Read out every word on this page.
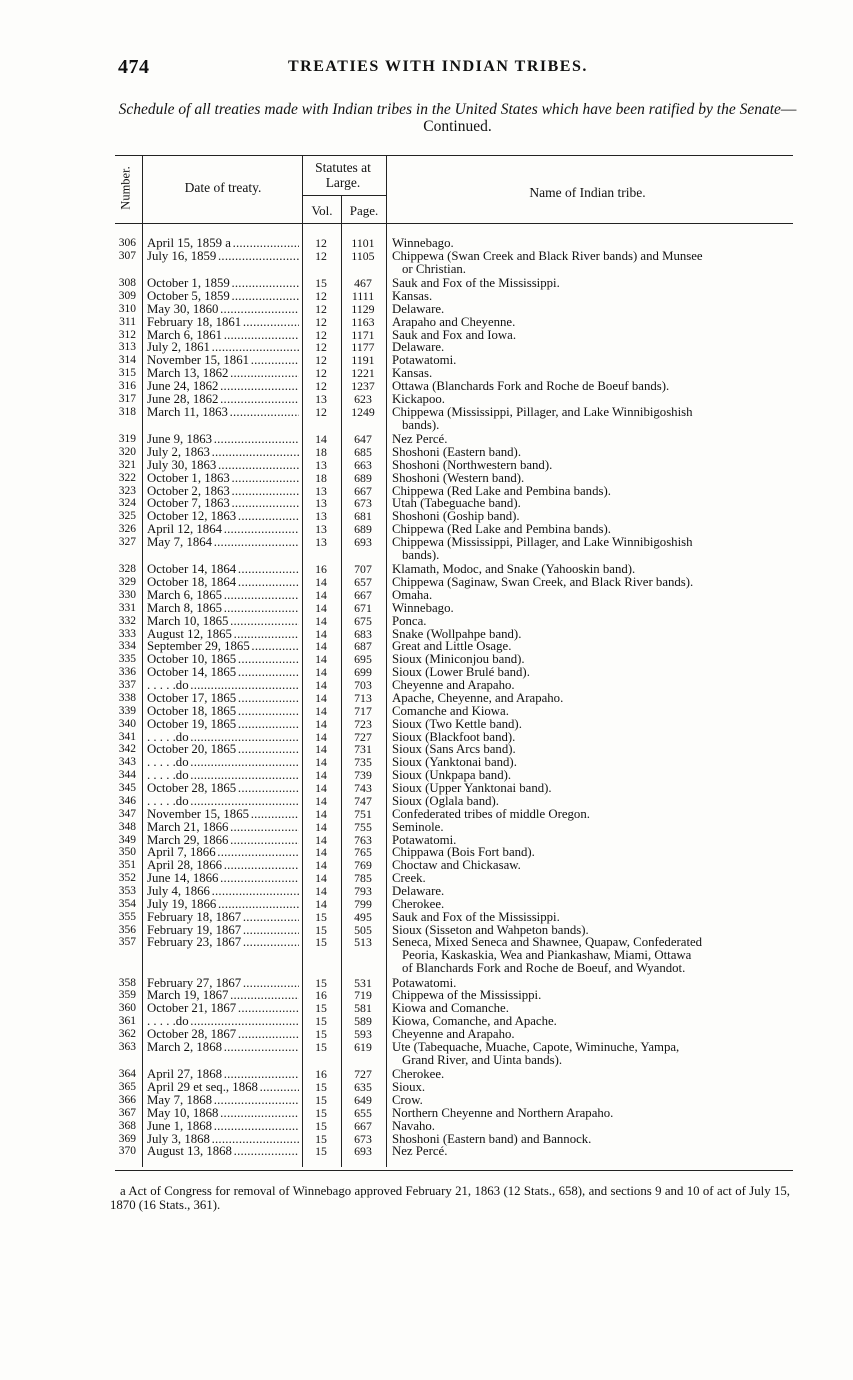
474	TREATIES WITH INDIAN TRIBES.
Schedule of all treaties made with Indian tribes in the United States which have been ratified by the Senate—Continued.
Number.	Date of treaty.
Statutes at Large.
Vol.	Page.
Name of Indian tribe.
306 April 15, 1859 a . . .	12	1101	Winnebago.
307 July 16, 1859 . . .	12	1105	Chippewa (Swan Creek and Black River bands) and Munsee
or Christian.
308 October 1, 1859 . . .	15	467	Sauk and Fox of the Mississippi.
309 October 5, 1859 . . .	12	1111	Kansas.
310 May 30, 1860 . . .	12	1129	Delaware.
311 February 18, 1861 . . .	12	1163	Arapaho and Cheyenne.
312 March 6, 1861 . . .	12	1171	Sauk and Fox and Iowa.
313 July 2, 1861 . . .	12	1177	Delaware.
314 November 15, 1861 . . .	12	1191	Potawatomi.
315 March 13, 1862 . . .	12	1221	Kansas.
316 June 24, 1862 . . .	12	1237	Ottawa (Blanchards Fork and Roche de Boeuf bands).
317 June 28, 1862 . . .	13	623	Kickapoo.
318 March 11, 1863 . . .	12	1249	Chippewa (Mississippi, Pillager, and Lake Winnibigoshish
bands).
319 June 9, 1863 . . .	14	647	Nez Percé.
320 July 2, 1863 . . .	18	685	Shoshoni (Eastern band).
321 July 30, 1863 . . .	13	663	Shoshoni (Northwestern band).
322 October 1, 1863 . . .	18	689	Shoshoni (Western band).
323 October 2, 1863 . . .	13	667	Chippewa (Red Lake and Pembina bands).
324 October 7, 1863 . . .	13	673	Utah (Tabeguache band).
325 October 12, 1863 . . .	13	681	Shoshoni (Goship band).
326 April 12, 1864 . . .	13	689	Chippewa (Red Lake and Pembina bands).
327 May 7, 1864 . . .	13	693	Chippewa (Mississippi, Pillager, and Lake Winnibigoshish
bands).
328 October 14, 1864 . . .	16	707	Klamath, Modoc, and Snake (Yahooskin band).
329 October 18, 1864 . . .	14	657	Chippewa (Saginaw, Swan Creek, and Black River bands).
330 March 6, 1865 . . .	14	667	Omaha.
331 March 8, 1865 . . .	14	671	Winnebago.
332 March 10, 1865 . . .	14	675	Ponca.
333 August 12, 1865 . . .	14	683	Snake (Wollpahpe band).
334 September 29, 1865 . . .	14	687	Great and Little Osage.
335 October 10, 1865 . . .	14	695	Sioux (Miniconjou band).
336 October 14, 1865 . . .	14	699	Sioux (Lower Brulé band).
337 . . . . .do . . .	14	703	Cheyenne and Arapaho.
338 October 17, 1865 . . .	14	713	Apache, Cheyenne, and Arapaho.
339 October 18, 1865 . . .	14	717	Comanche and Kiowa.
340 October 19, 1865 . . .	14	723	Sioux (Two Kettle band).
341 . . . . .do . . .	14	727	Sioux (Blackfoot band).
342 October 20, 1865 . . .	14	731	Sioux (Sans Arcs band).
343 . . . . .do . . .	14	735	Sioux (Yanktonai band).
344 . . . . .do . . .	14	739	Sioux (Unkpapa band).
345 October 28, 1865 . . .	14	743	Sioux (Upper Yanktonai band).
346 . . . . .do . . .	14	747	Sioux (Oglala band).
347 November 15, 1865 . . .	14	751	Confederated tribes of middle Oregon.
348 March 21, 1866 . . .	14	755	Seminole.
349 March 29, 1866 . . .	14	763	Potawatomi.
350 April 7, 1866 . . .	14	765	Chippawa (Bois Fort band).
351 April 28, 1866 . . .	14	769	Choctaw and Chickasaw.
352 June 14, 1866 . . .	14	785	Creek.
353 July 4, 1866 . . .	14	793	Delaware.
354 July 19, 1866 . . .	14	799	Cherokee.
355 February 18, 1867 . . .	15	495	Sauk and Fox of the Mississippi.
356 February 19, 1867 . . .	15	505	Sioux (Sisseton and Wahpeton bands).
357 February 23, 1867 . . .	15	513	Seneca, Mixed Seneca and Shawnee, Quapaw, Confederated
Peoria, Kaskaskia, Wea and Piankashaw, Miami, Ottawa
of Blanchards Fork and Roche de Boeuf, and Wyandot.
358 February 27, 1867 . . .	15	531	Potawatomi.
359 March 19, 1867 . . .	16	719	Chippewa of the Mississippi.
360 October 21, 1867 . . .	15	581	Kiowa and Comanche.
361 . . . . .do . . .	15	589	Kiowa, Comanche, and Apache.
362 October 28, 1867 . . .	15	593	Cheyenne and Arapaho.
363 March 2, 1868 . . .	15	619	Ute (Tabequache, Muache, Capote, Wiminuche, Yampa,
Grand River, and Uinta bands).
364 April 27, 1868 . . .	16	727	Cherokee.
365 April 29 et seq., 1868 . . .	15	635	Sioux.
366 May 7, 1868 . . .	15	649	Crow.
367 May 10, 1868 . . .	15	655	Northern Cheyenne and Northern Arapaho.
368 June 1, 1868 . . .	15	667	Navaho.
369 July 3, 1868 . . .	15	673	Shoshoni (Eastern band) and Bannock.
370 August 13, 1868 . . .	15	693	Nez Percé.
a Act of Congress for removal of Winnebago approved February 21, 1863 (12 Stats., 658), and sections 9 and 10 of act of July 15, 1870 (16 Stats., 361).
